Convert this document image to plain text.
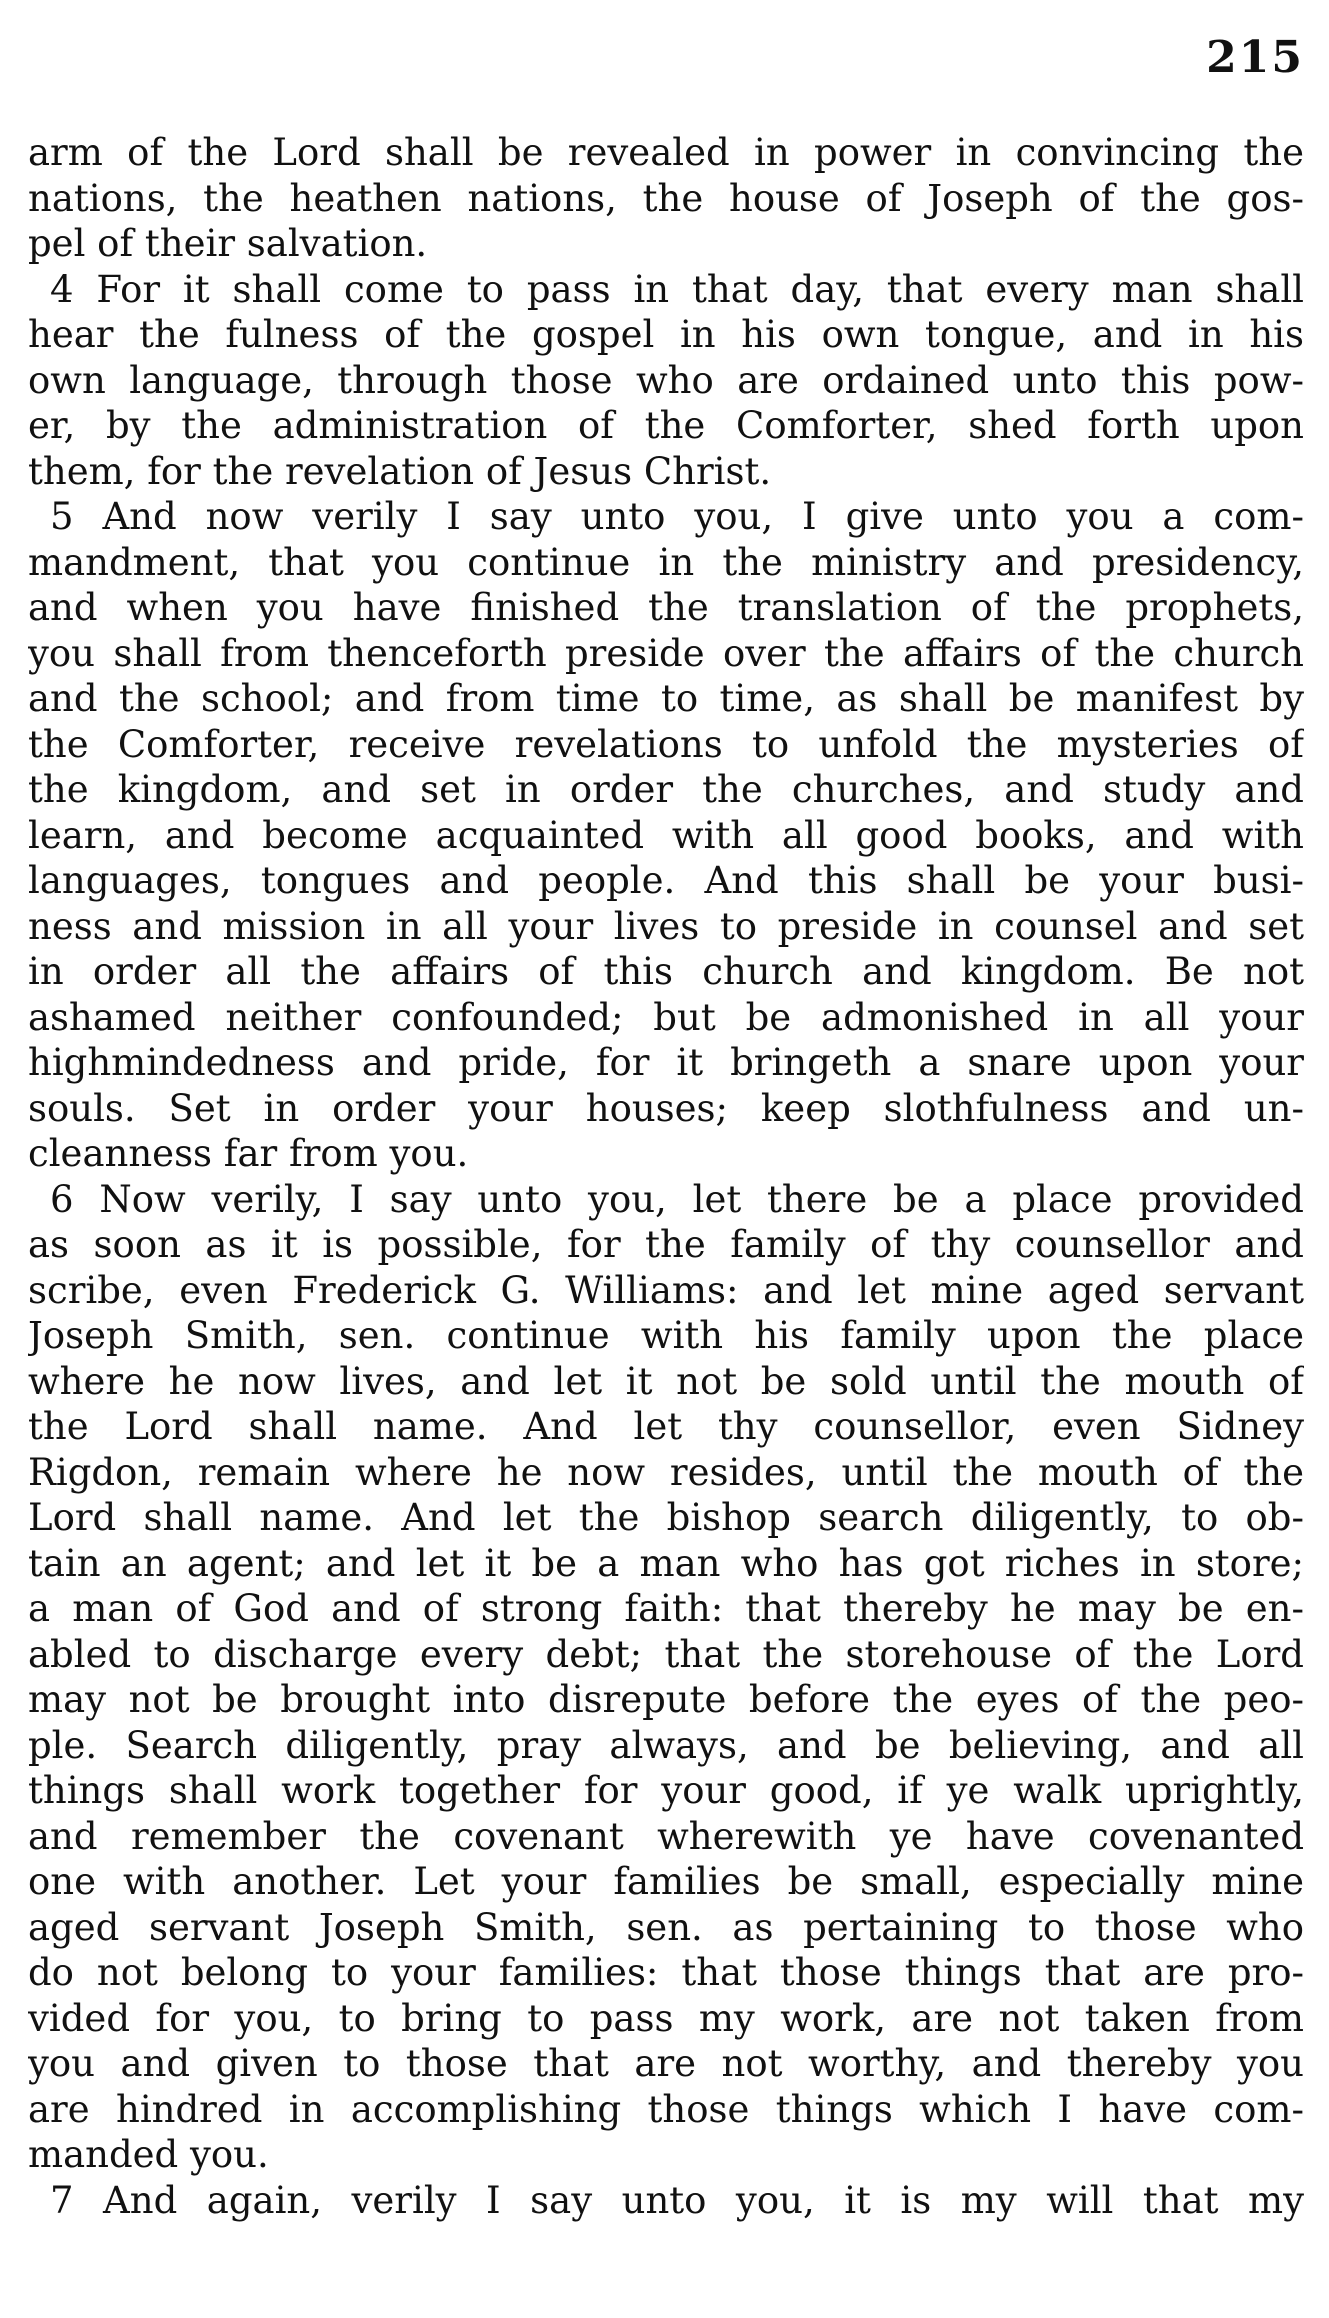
215
arm of the Lord shall be revealed in power in convincing the
nations, the heathen nations, the house of Joseph of the gos-
pel of their salvation.
4 For it shall come to pass in that day, that every man shall
hear the fulness of the gospel in his own tongue, and in his
own language, through those who are ordained unto this pow-
er, by the administration of the Comforter, shed forth upon
them, for the revelation of Jesus Christ.
5 And now verily I say unto you, I give unto you a com-
mandment, that you continue in the ministry and presidency,
and when you have finished the translation of the prophets,
you shall from thenceforth preside over the affairs of the church
and the school; and from time to time, as shall be manifest by
the Comforter, receive revelations to unfold the mysteries of
the kingdom, and set in order the churches, and study and
learn, and become acquainted with all good books, and with
languages, tongues and people. And this shall be your busi-
ness and mission in all your lives to preside in counsel and set
in order all the affairs of this church and kingdom. Be not
ashamed neither confounded; but be admonished in all your
highmindedness and pride, for it bringeth a snare upon your
souls. Set in order your houses; keep slothfulness and un-
cleanness far from you.
6 Now verily, I say unto you, let there be a place provided
as soon as it is possible, for the family of thy counsellor and
scribe, even Frederick G. Williams: and let mine aged servant
Joseph Smith, sen. continue with his family upon the place
where he now lives, and let it not be sold until the mouth of
the Lord shall name. And let thy counsellor, even Sidney
Rigdon, remain where he now resides, until the mouth of the
Lord shall name. And let the bishop search diligently, to ob-
tain an agent; and let it be a man who has got riches in store;
a man of God and of strong faith: that thereby he may be en-
abled to discharge every debt; that the storehouse of the Lord
may not be brought into disrepute before the eyes of the peo-
ple. Search diligently, pray always, and be believing, and all
things shall work together for your good, if ye walk uprightly,
and remember the covenant wherewith ye have covenanted
one with another. Let your families be small, especially mine
aged servant Joseph Smith, sen. as pertaining to those who
do not belong to your families: that those things that are pro-
vided for you, to bring to pass my work, are not taken from
you and given to those that are not worthy, and thereby you
are hindred in accomplishing those things which I have com-
manded you.
7 And again, verily I say unto you, it is my will that my
